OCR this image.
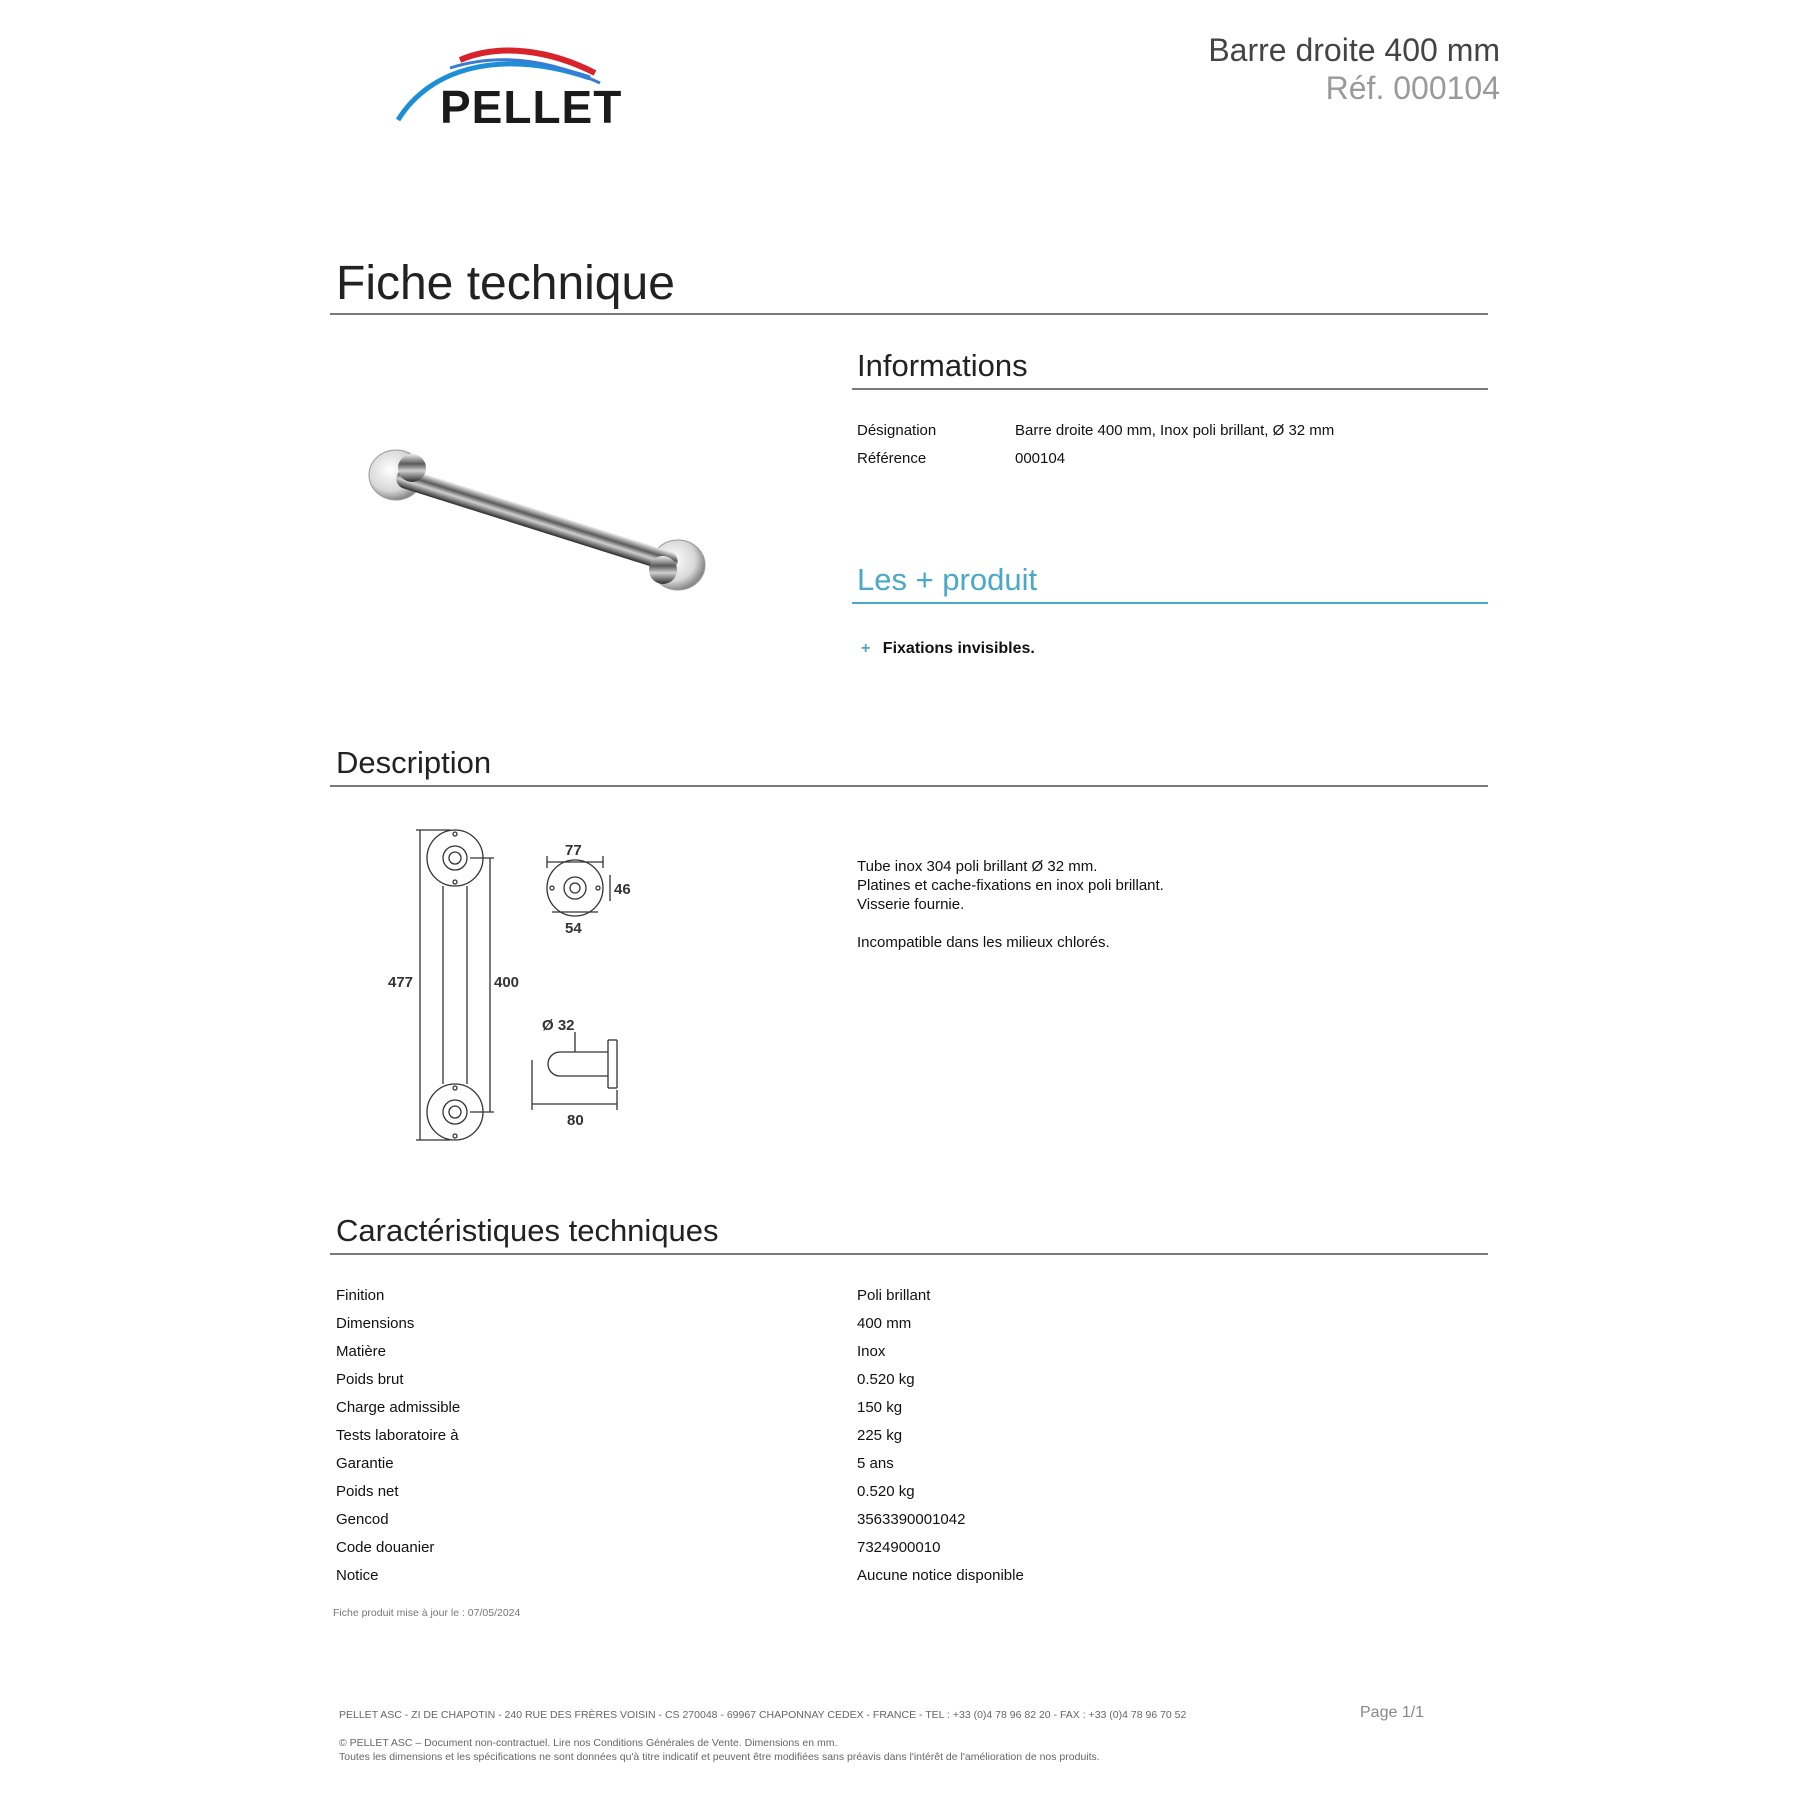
PELLET
Barre droite 400 mm
Réf. 000104
Fiche technique
Informations
Désignation	Barre droite 400 mm, Inox poli brillant, Ø 32 mm
Référence	000104
Les + produit
+ Fixations invisibles.
Description
477	400
77
46
54
Ø 32
80

Tube inox 304 poli brillant Ø 32 mm.

Platines et cache-fixations en inox poli brillant.

Visserie fournie.

Incompatible dans les milieux chlorés.

Caractéristiques techniques
Finition	Poli brillant
Dimensions	400 mm
Matière	Inox
Poids brut	0.520 kg
Charge admissible	150 kg
Tests laboratoire à	225 kg
Garantie	5 ans
Poids net	0.520 kg
Gencod	3563390001042
Code douanier	7324900010
Notice	Aucune notice disponible
Fiche produit mise à jour le : 07/05/2024
PELLET ASC - ZI DE CHAPOTIN - 240 RUE DES FRÈRES VOISIN - CS 270048 - 69967 CHAPONNAY CEDEX - FRANCE - TEL : +33 (0)4 78 96 82 20 - FAX : +33 (0)4 78 96 70 52	Page 1/1
© PELLET ASC – Document non-contractuel. Lire nos Conditions Générales de Vente. Dimensions en mm.
Toutes les dimensions et les spécifications ne sont données qu'à titre indicatif et peuvent être modifiées sans préavis dans l'intérêt de l'amélioration de nos produits.
